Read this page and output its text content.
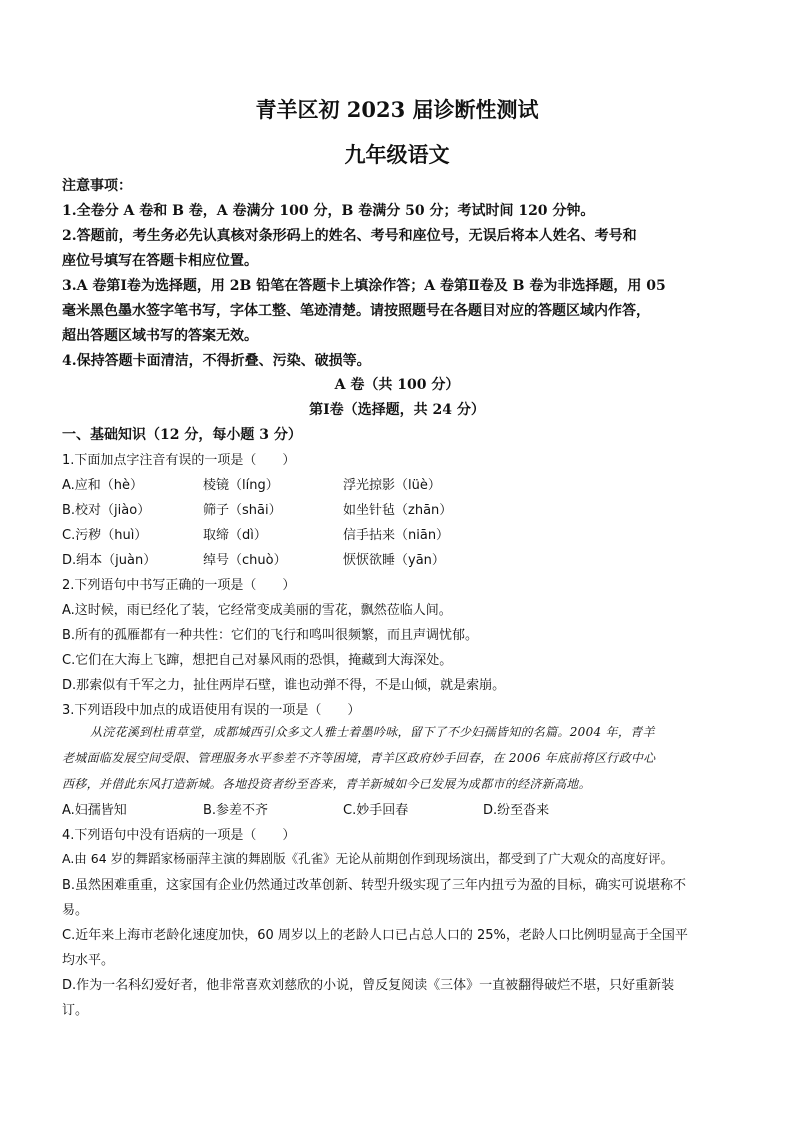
青羊区初 2023 届诊断性测试
九年级语文
注意事项：
1.全卷分 A 卷和 B 卷，A 卷满分 100 分，B 卷满分 50 分；考试时间 120 分钟。
2.答题前，考生务必先认真核对条形码上的姓名、考号和座位号，无误后将本人姓名、考号和
座位号填写在答题卡相应位置。
3.A 卷第Ⅰ卷为选择题，用 2B 铅笔在答题卡上填涂作答；A 卷第Ⅱ卷及 B 卷为非选择题，用 05
毫米黑色墨水签字笔书写，字体工整、笔迹清楚。请按照题号在各题目对应的答题区域内作答，
超出答题区域书写的答案无效。
4.保持答题卡面清洁，不得折叠、污染、破损等。
A 卷（共 100 分）
第Ⅰ卷（选择题，共 24 分）
一、基础知识（12 分，每小题 3 分）
1.下面加点字注音有误的一项是（　　）
A.应和（hè）	棱镜（líng）	浮光掠影（lüè）
B.校对（jiào）	筛子（shāi）	如坐针毡（zhān）
C.污秽（huì）	取缔（dì）	信手拈来（niān）
D.绢本（juàn）	绰号（chuò）	恹恹欲睡（yān）
2.下列语句中书写正确的一项是（　　）
A.这时候，雨已经化了装，它经常变成美丽的雪花，飘然莅临人间。
B.所有的孤雁都有一种共性：它们的飞行和鸣叫很频繁，而且声调忧郁。
C.它们在大海上飞蹿，想把自己对暴风雨的恐惧，掩藏到大海深处。
D.那索似有千军之力，扯住两岸石壁，谁也动弹不得，不是山倾，就是索崩。
3.下列语段中加点的成语使用有误的一项是（　　）
从浣花溪到杜甫草堂，成都城西引众多文人雅士着墨吟咏，留下了不少妇孺皆知的名篇。2004 年，青羊
老城面临发展空间受限、管理服务水平参差不齐等困境，青羊区政府妙手回春，在 2006 年底前将区行政中心
西移，并借此东风打造新城。各地投资者纷至沓来，青羊新城如今已发展为成都市的经济新高地。
A.妇孺皆知	B.参差不齐	C.妙手回春	D.纷至沓来
4.下列语句中没有语病的一项是（　　）
A.由 64 岁的舞蹈家杨丽萍主演的舞剧版《孔雀》无论从前期创作到现场演出，都受到了广大观众的高度好评。
B.虽然困难重重，这家国有企业仍然通过改革创新、转型升级实现了三年内扭亏为盈的目标，确实可说堪称不
易。
C.近年来上海市老龄化速度加快，60 周岁以上的老龄人口已占总人口的 25%，老龄人口比例明显高于全国平
均水平。
D.作为一名科幻爱好者，他非常喜欢刘慈欣的小说，曾反复阅读《三体》一直被翻得破烂不堪，只好重新装
订。
